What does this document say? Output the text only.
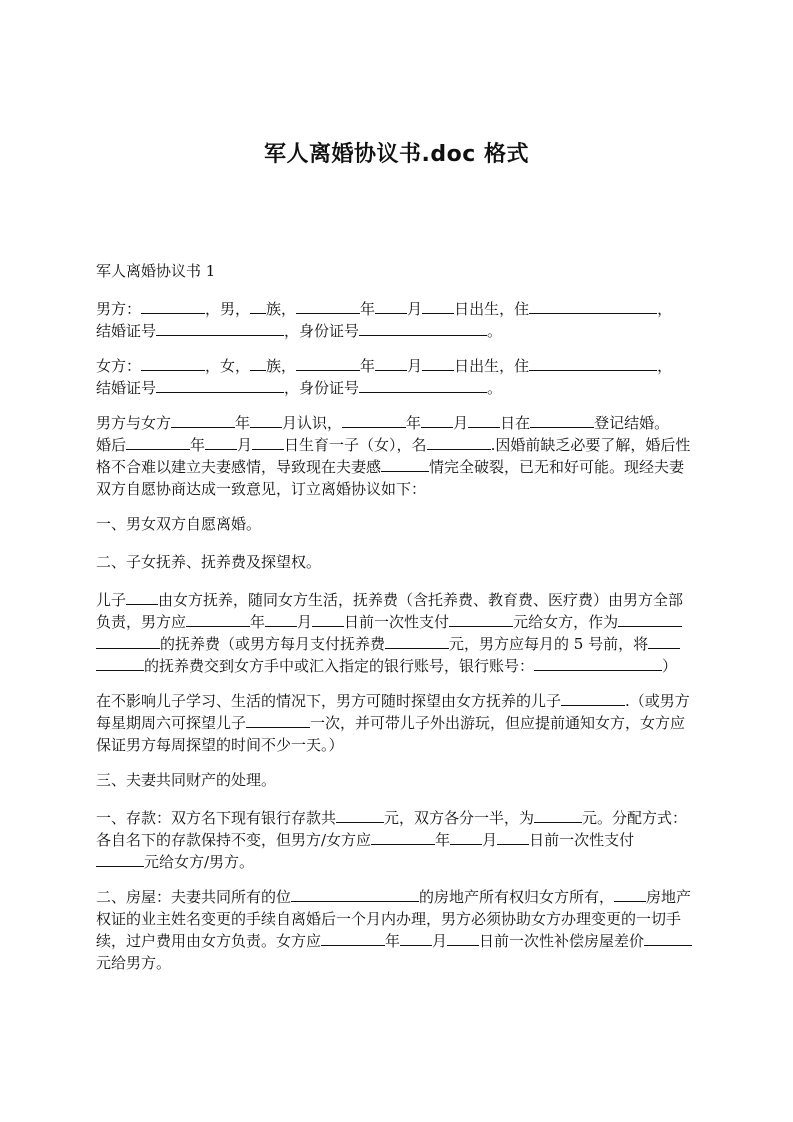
军人离婚协议书.doc 格式
军人离婚协议书 1

男方：	，男， 族，	年 月 日出生，住	，
结婚证号	，身份证号	。

女方：	，女， 族，	年 月 日出生，住	，
结婚证号	，身份证号	。

男方与女方	年 月认识，	年 月 日在	登记结婚。
婚后	年 月 日生育一子（女），名	.因婚前缺乏必要了解，婚后性格不合难以建立夫妻感情，导致现在夫妻感	情完全破裂，已无和好可能。现经夫妻双方自愿协商达成一致意见，订立离婚协议如下：

一、男女双方自愿离婚。

二、子女抚养、抚养费及探望权。

儿子 由女方抚养，随同女方生活，抚养费（含托养费、教育费、医疗费）由男方全部负责，男方应	年 月 日前一次性支付	元给女方，作为的抚养费（或男方每月支付抚养费	元，男方应每月的 5 号前，将的抚养费交到女方手中或汇入指定的银行账号，银行账号：	）

在不影响儿子学习、生活的情况下，男方可随时探望由女方抚养的儿子	.（或男方每星期周六可探望儿子	一次，并可带儿子外出游玩，但应提前通知女方，女方应保证男方每周探望的时间不少一天。）

三、夫妻共同财产的处理。

一、存款：双方名下现有银行存款共	元，双方各分一半，为	元。分配方式：各自名下的存款保持不变，但男方/女方应	年 月 日前一次性支付
元给女方/男方。

二、房屋：夫妻共同所有的位	的房地产所有权归女方所有， 房地产权证的业主姓名变更的手续自离婚后一个月内办理，男方必须协助女方办理变更的一切手续，过户费用由女方负责。女方应	年 月 日前一次性补偿房屋差价元给男方。
